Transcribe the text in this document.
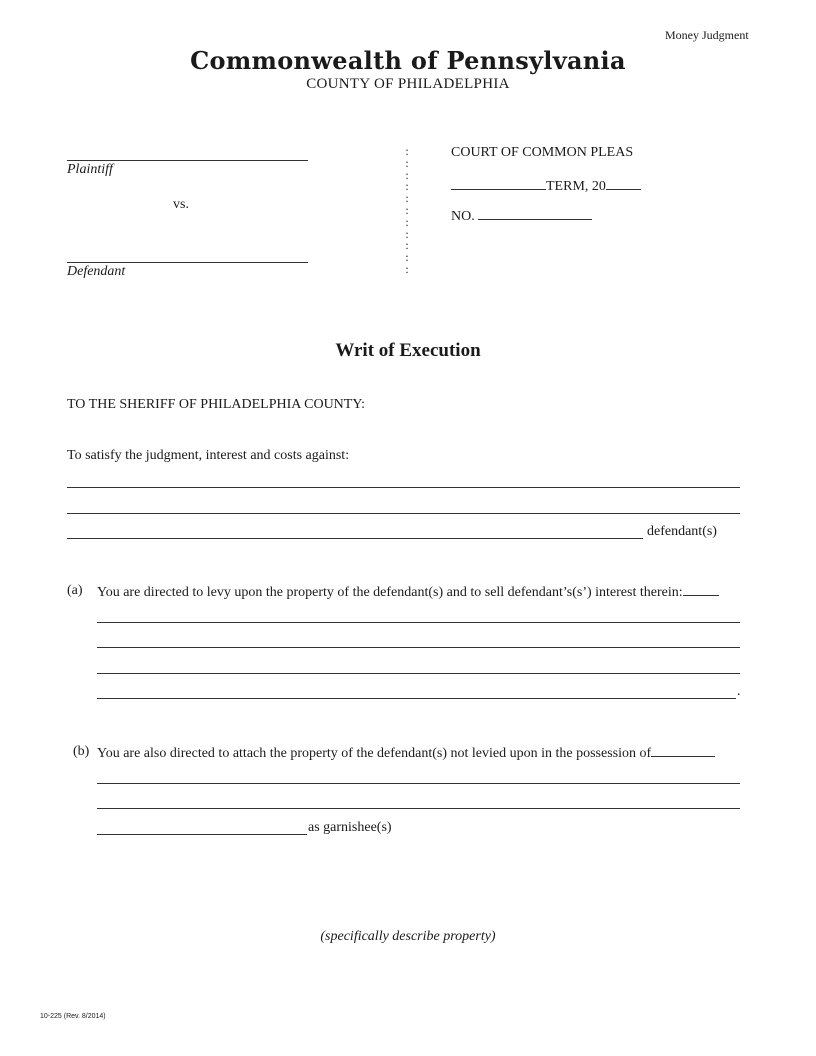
Money Judgment
Commonwealth of Pennsylvania
COUNTY OF PHILADELPHIA
Plaintiff
vs.
Defendant
:
:
:
:
:
:
:
:
:
:
:
COURT OF COMMON PLEAS
TERM, 20
NO.
Writ of Execution
TO THE SHERIFF OF PHILADELPHIA COUNTY:
To satisfy the judgment, interest and costs against:
defendant(s)
(a) You are directed to levy upon the property of the defendant(s) and to sell defendant’s(s’) interest therein:
.
(b) You are also directed to attach the property of the defendant(s) not levied upon in the possession of
as garnishee(s)
(specifically describe property)
10-225 (Rev. 8/2014)
